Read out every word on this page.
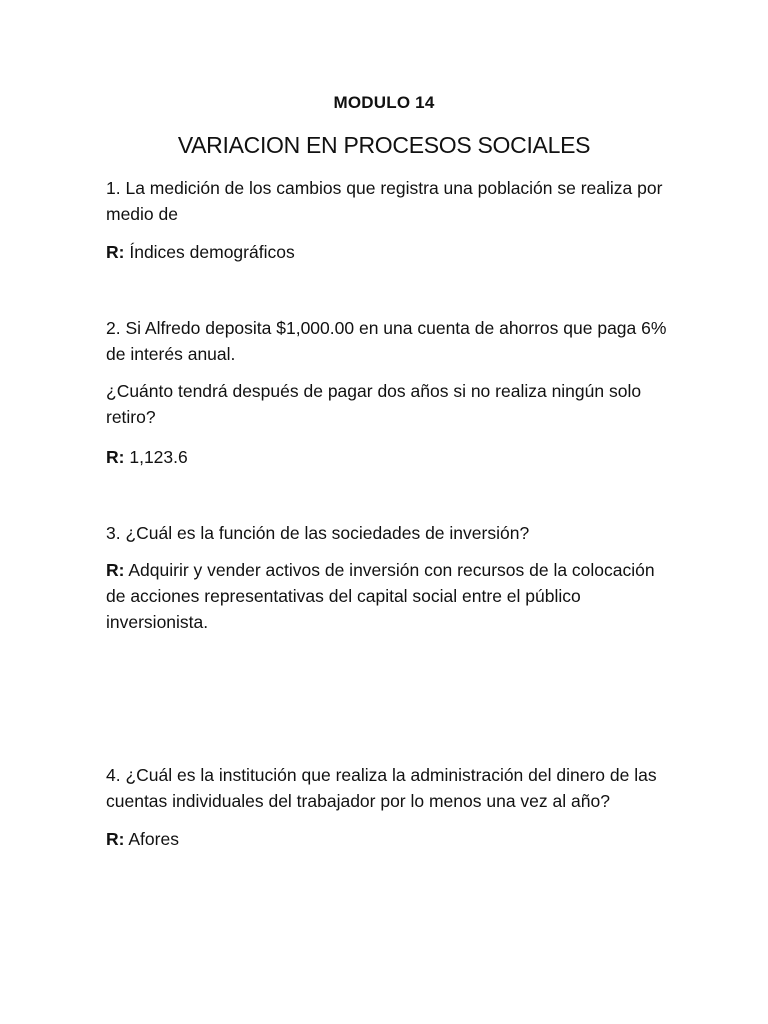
MODULO 14
VARIACION EN PROCESOS SOCIALES
1. La medición de los cambios que registra una población se realiza por medio de
R: Índices demográficos
2. Si Alfredo deposita $1,000.00 en una cuenta de ahorros que paga 6% de interés anual.
¿Cuánto tendrá después de pagar dos años si no realiza ningún solo retiro?
R: 1,123.6
3. ¿Cuál es la función de las sociedades de inversión?
R: Adquirir y vender activos de inversión con recursos de la colocación de acciones representativas del capital social entre el público inversionista.
4. ¿Cuál es la institución que realiza la administración del dinero de las cuentas individuales del trabajador por lo menos una vez al año?
R: Afores
